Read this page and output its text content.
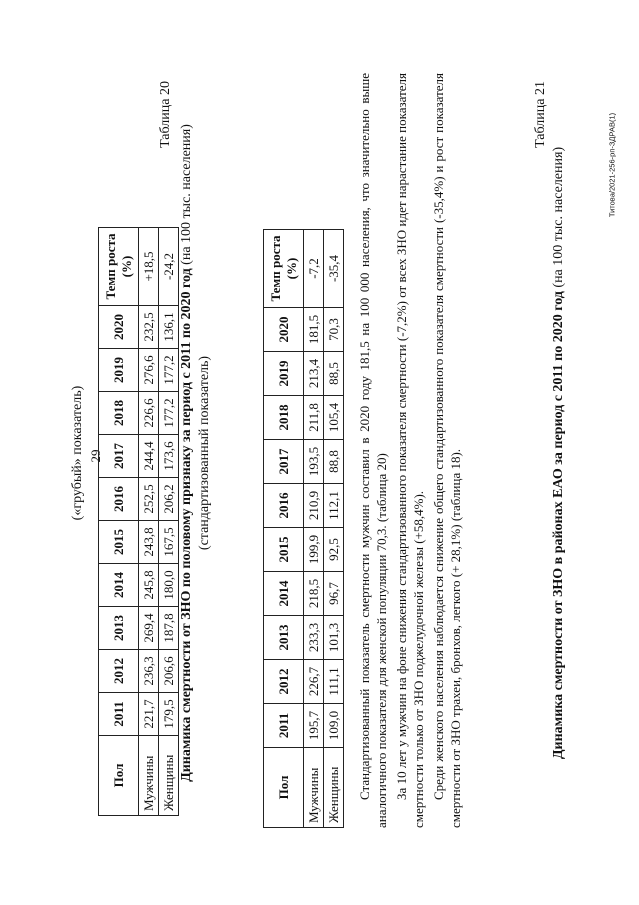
29
Титова/2021-256-рп-ЗДРАВ(1)
(«грубый» показатель)
Пол	2011	2012	2013	2014	2015	2016	2017	2018	2019	2020	Темп роста (%)
Мужчины	221,7	236,3	269,4	245,8	243,8	252,5	244,4	226,6	276,6	232,5	+18,5
Женщины	179,5	206,6	187,8	180,0	167,5	206,2	173,6	177,2	177,2	136,1	-24,2
Таблица 20
Динамика смертности от ЗНО по половому признаку за период с 2011 по 2020 год (на 100 тыс. населения)
(стандартизованный показатель)
Пол	2011	2012	2013	2014	2015	2016	2017	2018	2019	2020	Темп роста (%)
Мужчины	195,7	226,7	233,3	218,5	199,9	210,9	193,5	211,8	213,4	181,5	-7,2
Женщины	109,0	111,1	101,3	96,7	92,5	112,1	88,8	105,4	88,5	70,3	-35,4 Стандартизованный показатель смертности мужчин составил в 2020 году 181,5 на 100 000 населения, что значительно выше аналогичного показателя для женской популяции 70,3. (таблица 20) За 10 лет у мужчин на фоне снижения стандартизованного показателя смертности (-7,2%) от всех ЗНО идет нарастание показателя смертности только от ЗНО поджелудочной железы (+58,4%). Среди женского населения наблюдается снижение общего стандартизованного показателя смертности (-35,4%) и рост показателя смертности от ЗНО трахеи, бронхов, легкого (+ 28,1%) (таблица 18).

Таблица 21
Динамика смертности от ЗНО в районах ЕАО за период с 2011 по 2020 год (на 100 тыс. населения)
